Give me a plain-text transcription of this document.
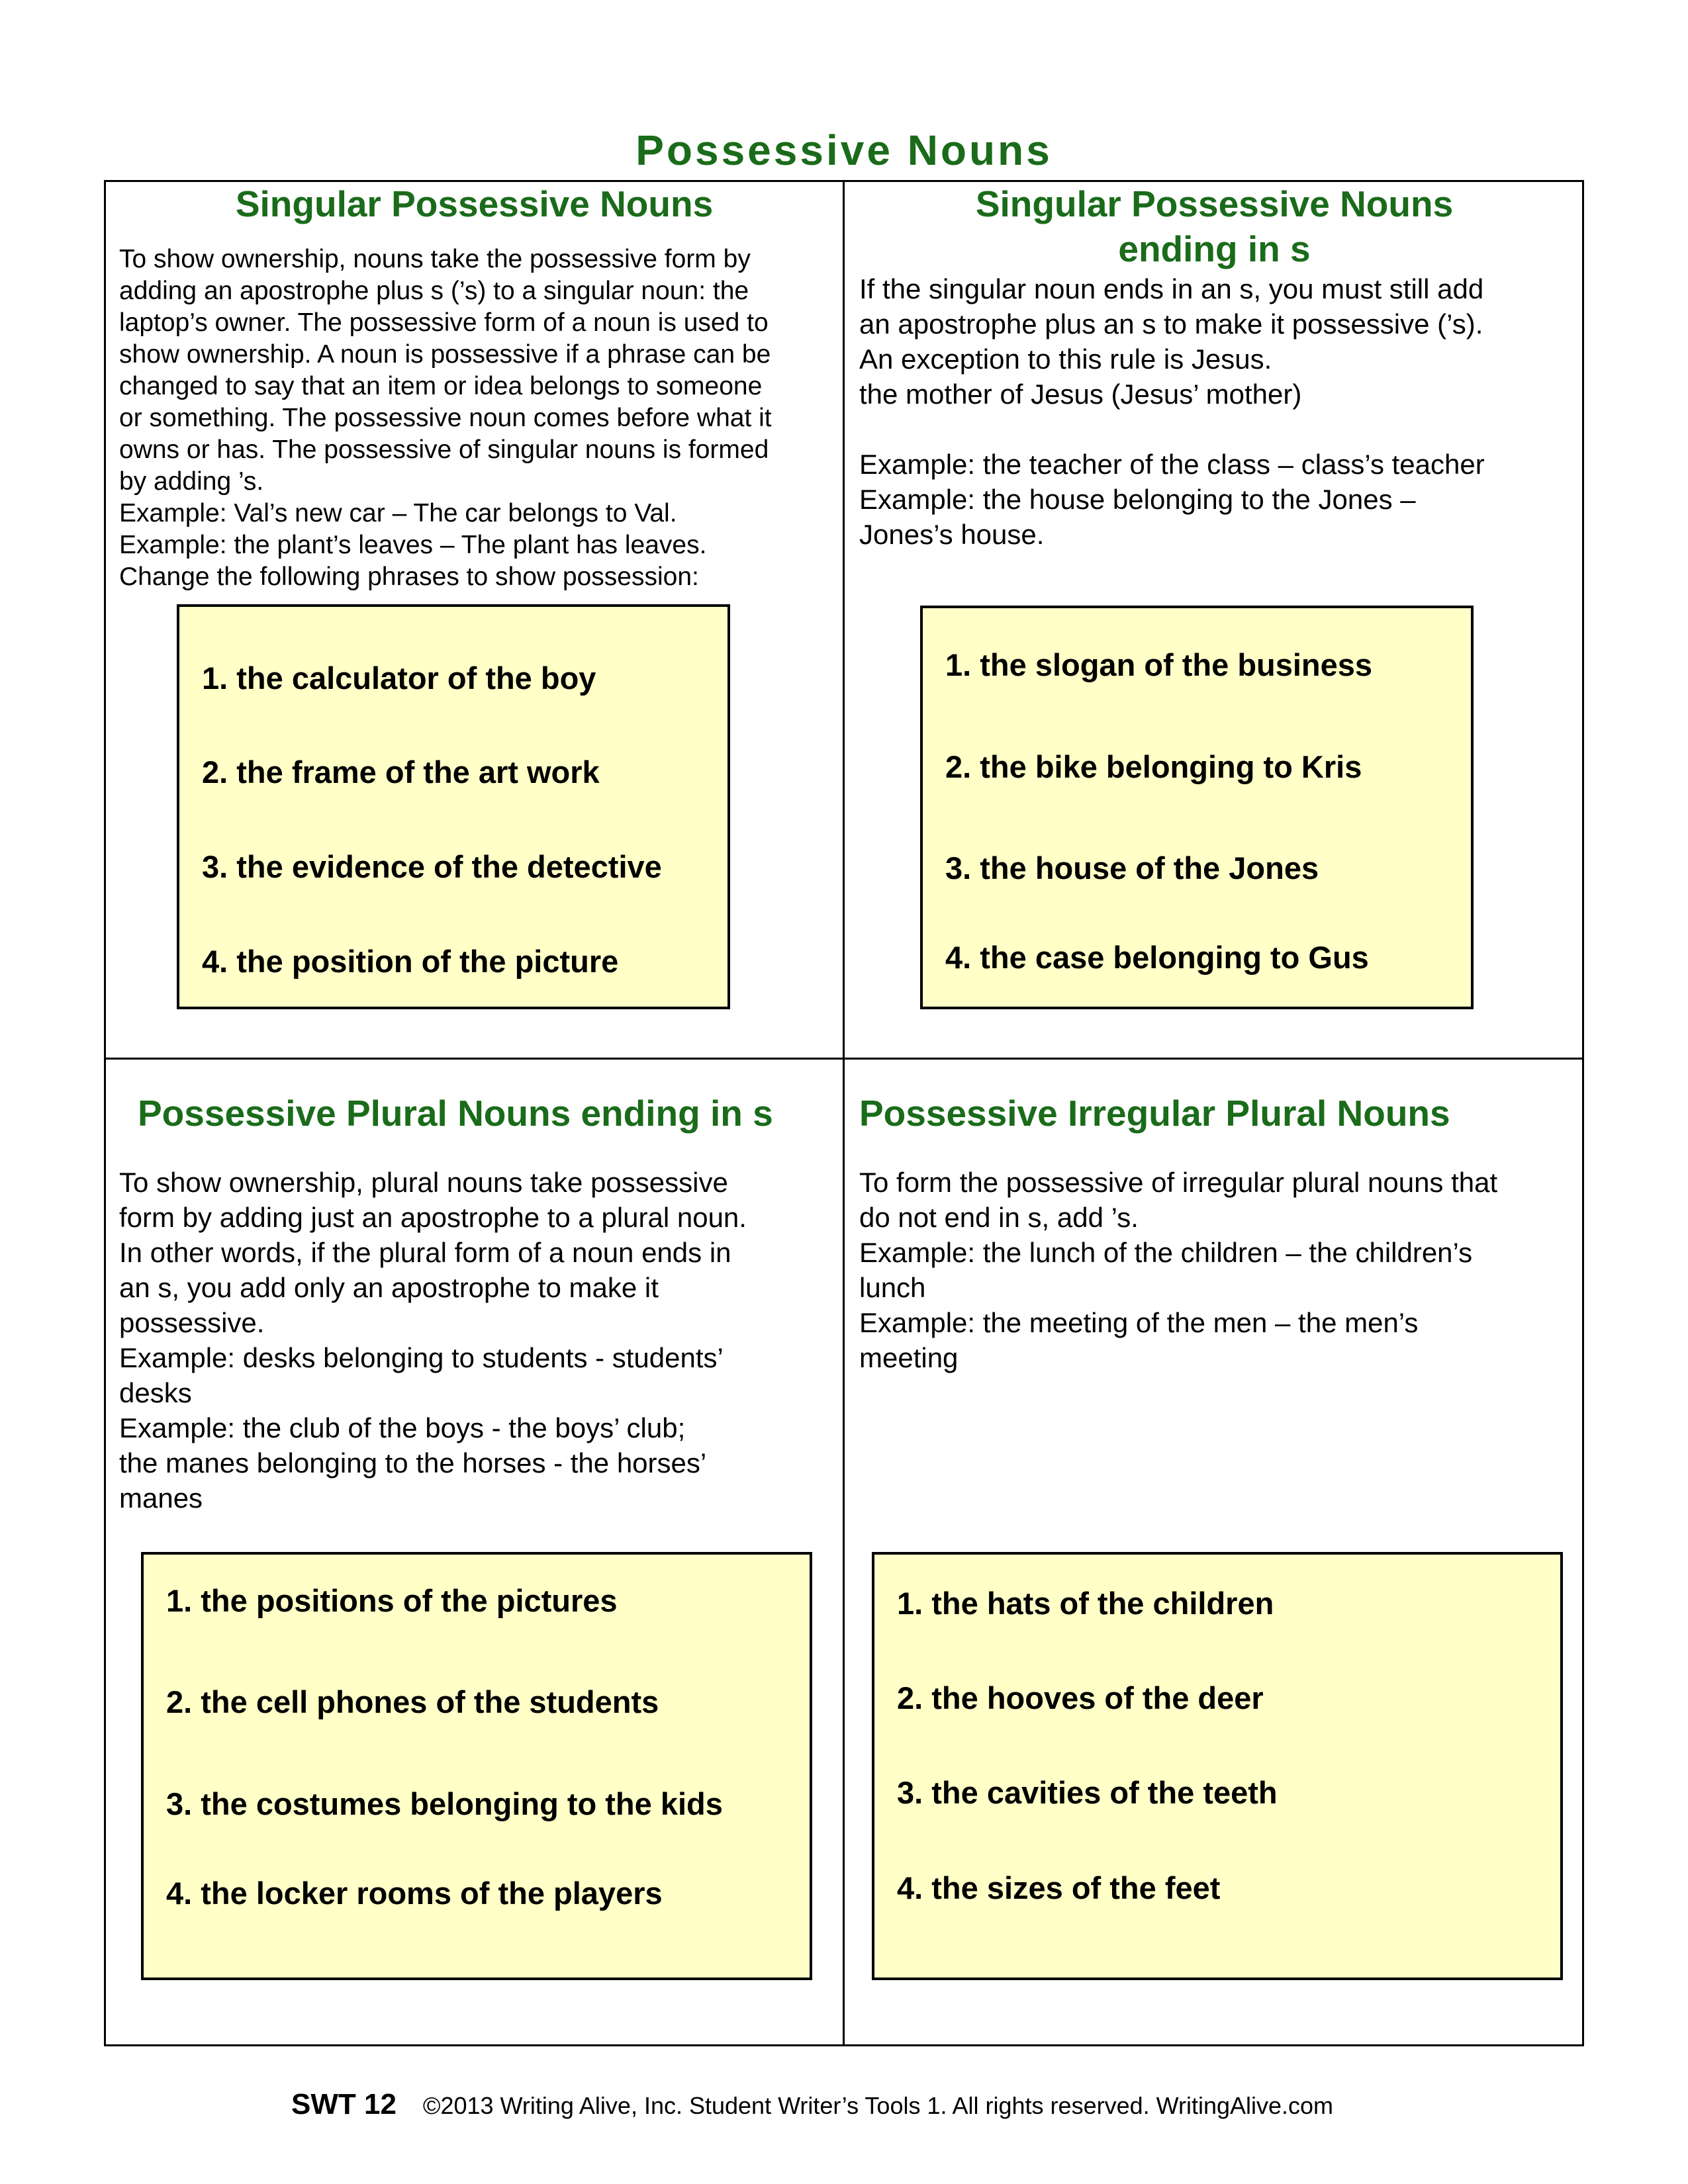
Possessive Nouns
Singular Possessive Nouns
To show ownership, nouns take the possessive form by
adding an apostrophe plus s (’s) to a singular noun: the
laptop’s owner. The possessive form of a noun is used to
show ownership. A noun is possessive if a phrase can be
changed to say that an item or idea belongs to someone
or something. The possessive noun comes before what it
owns or has. The possessive of singular nouns is formed
by adding ’s.
Example: Val’s new car – The car belongs to Val.
Example: the plant’s leaves – The plant has leaves.
Change the following phrases to show possession:
1. the calculator of the boy
2. the frame of the art work
3. the evidence of the detective
4. the position of the picture
Singular Possessive Nouns
ending in s
If the singular noun ends in an s, you must still add
an apostrophe plus an s to make it possessive (’s).
An exception to this rule is Jesus.
the mother of Jesus (Jesus’ mother)

Example: the teacher of the class – class’s teacher
Example: the house belonging to the Jones –
Jones’s house.
1. the slogan of the business
2. the bike belonging to Kris
3. the house of the Jones
4. the case belonging to Gus
Possessive Plural Nouns ending in s
To show ownership, plural nouns take possessive
form by adding just an apostrophe to a plural noun.
In other words, if the plural form of a noun ends in
an s, you add only an apostrophe to make it
possessive.
Example: desks belonging to students - students’
desks
Example: the club of the boys - the boys’ club;
the manes belonging to the horses - the horses’
manes
1. the positions of the pictures
2. the cell phones of the students
3. the costumes belonging to the kids
4. the locker rooms of the players
Possessive Irregular Plural Nouns
To form the possessive of irregular plural nouns that
do not end in s, add ’s.
Example: the lunch of the children – the children’s
lunch
Example: the meeting of the men – the men’s
meeting
1. the hats of the children
2. the hooves of the deer
3. the cavities of the teeth
4. the sizes of the feet
SWT 12 ©2013 Writing Alive, Inc. Student Writer’s Tools 1. All rights reserved. WritingAlive.com
